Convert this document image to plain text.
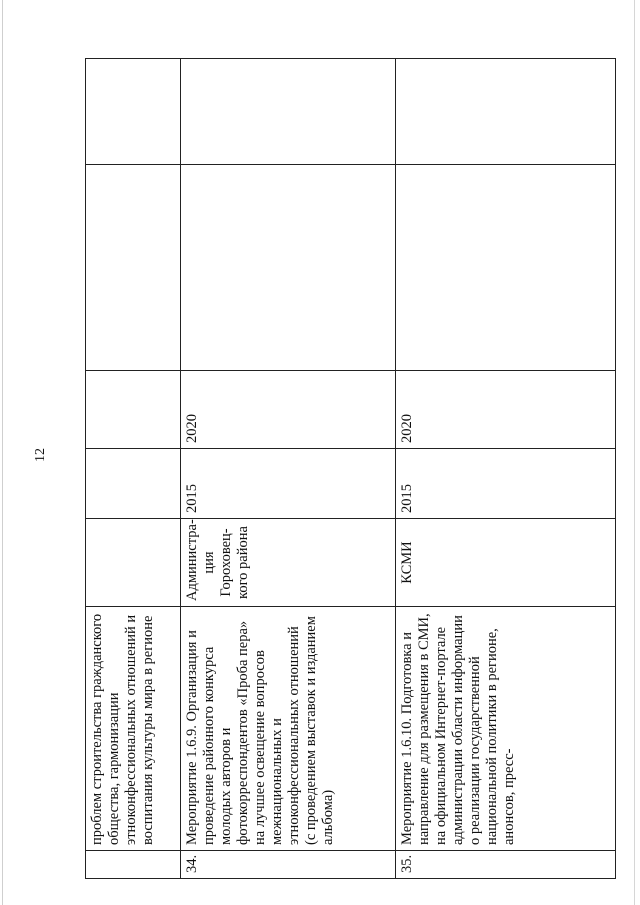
12
	проблем строительства гражданского общества, гармонизации этноконфессиональных отношений и воспитания культуры мира в регионе					
34.	Мероприятие 1.6.9. Организация и проведение районного конкурса молодых авторов и фотокорреспондентов «Проба пера» на лучшее освещение вопросов межнациональных и этноконфессиональных отношений (с проведением выставок и изданием альбома)	Администра-ция Гороховец-кого района	2015	2020		
35.	Мероприятие 1.6.10. Подготовка и направление для размещения в СМИ, на официальном Интернет-портале администрации области информации о реализации государственной национальной политики в регионе, анонсов, пресс-	КСМИ	2015	2020		
